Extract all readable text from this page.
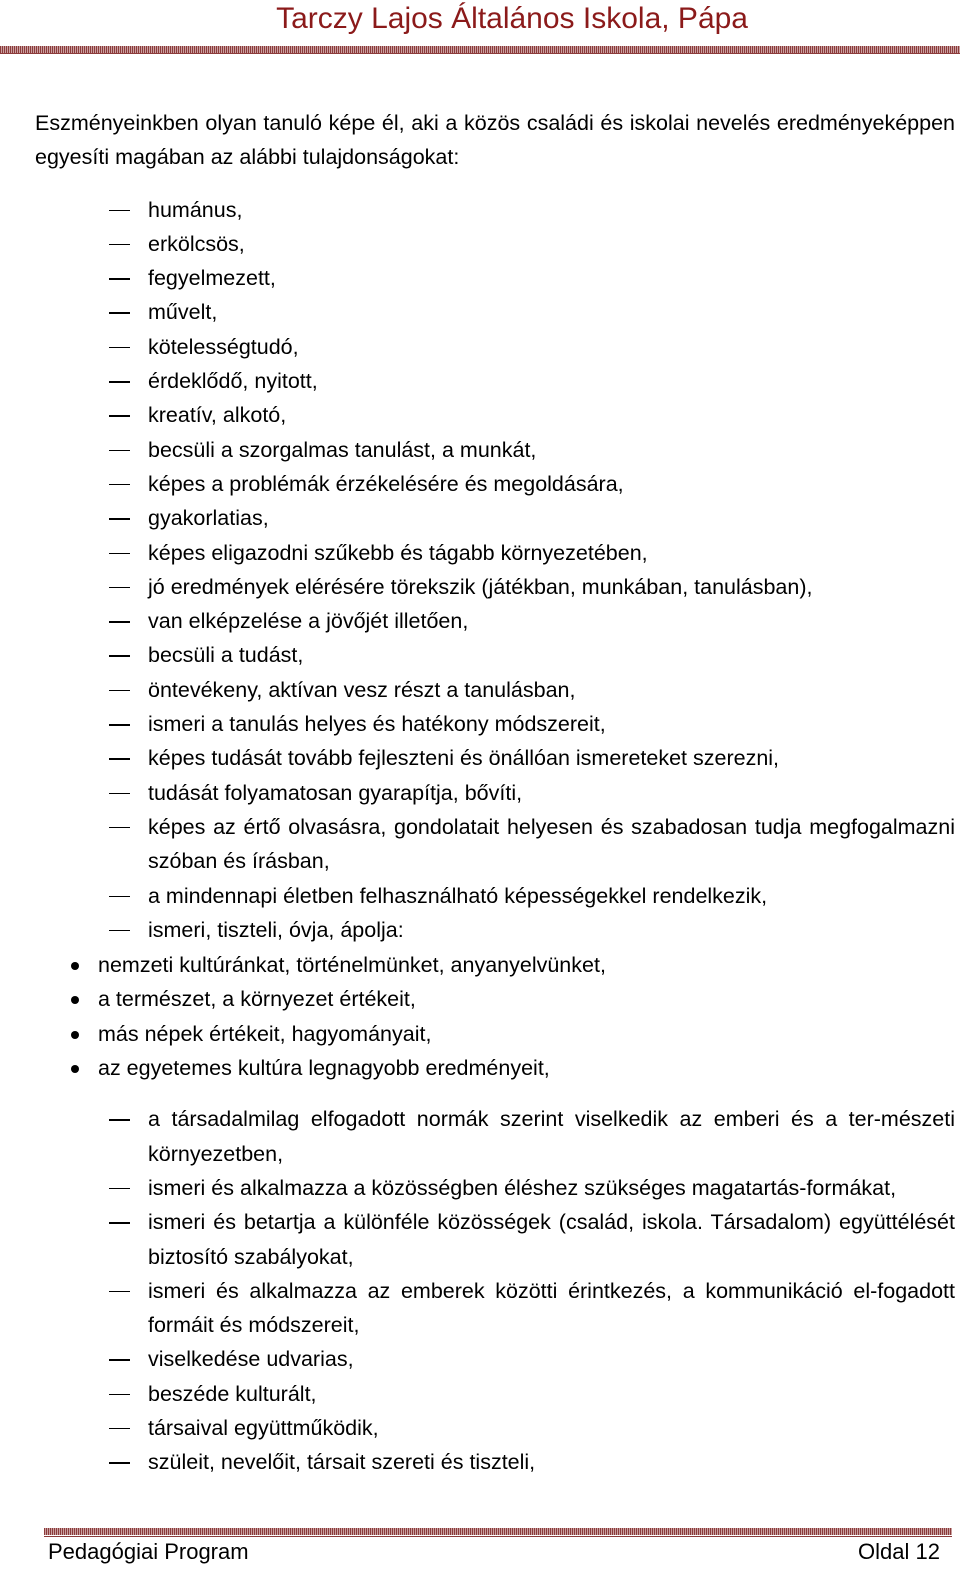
Tarczy Lajos Általános Iskola, Pápa

Eszményeinkben olyan tanuló képe él, aki a közös családi és iskolai nevelés eredményeképpen egyesíti magában az alábbi tulajdonságokat:

humánus,
erkölcsös,
fegyelmezett,
művelt,
kötelességtudó,
érdeklődő, nyitott,
kreatív, alkotó,
becsüli a szorgalmas tanulást, a munkát,
képes a problémák érzékelésére és megoldására,
gyakorlatias,
képes eligazodni szűkebb és tágabb környezetében,
jó eredmények elérésére törekszik (játékban, munkában, tanulásban),
van elképzelése a jövőjét illetően,
becsüli a tudást,
öntevékeny, aktívan vesz részt a tanulásban,
ismeri a tanulás helyes és hatékony módszereit,
képes tudását tovább fejleszteni és önállóan ismereteket szerezni,
tudását folyamatosan gyarapítja, bővíti,
képes az értő olvasásra, gondolatait helyesen és szabadosan tudja megfogalmazni szóban és írásban,
a mindennapi életben felhasználható képességekkel rendelkezik,
ismeri, tiszteli, óvja, ápolja:
nemzeti kultúránkat, történelmünket, anyanyelvünket,
a természet, a környezet értékeit,
más népek értékeit, hagyományait,
az egyetemes kultúra legnagyobb eredményeit,
a társadalmilag elfogadott normák szerint viselkedik az emberi és a ter-mészeti környezetben,
ismeri és alkalmazza a közösségben éléshez szükséges magatartás-formákat,
ismeri és betartja a különféle közösségek (család, iskola. Társadalom) együttélését biztosító szabályokat,
ismeri és alkalmazza az emberek közötti érintkezés, a kommunikáció el-fogadott formáit és módszereit,
viselkedése udvarias,
beszéde kulturált,
társaival együttműködik,
szüleit, nevelőit, társait szereti és tiszteli,
Pedagógiai Program	Oldal 12
